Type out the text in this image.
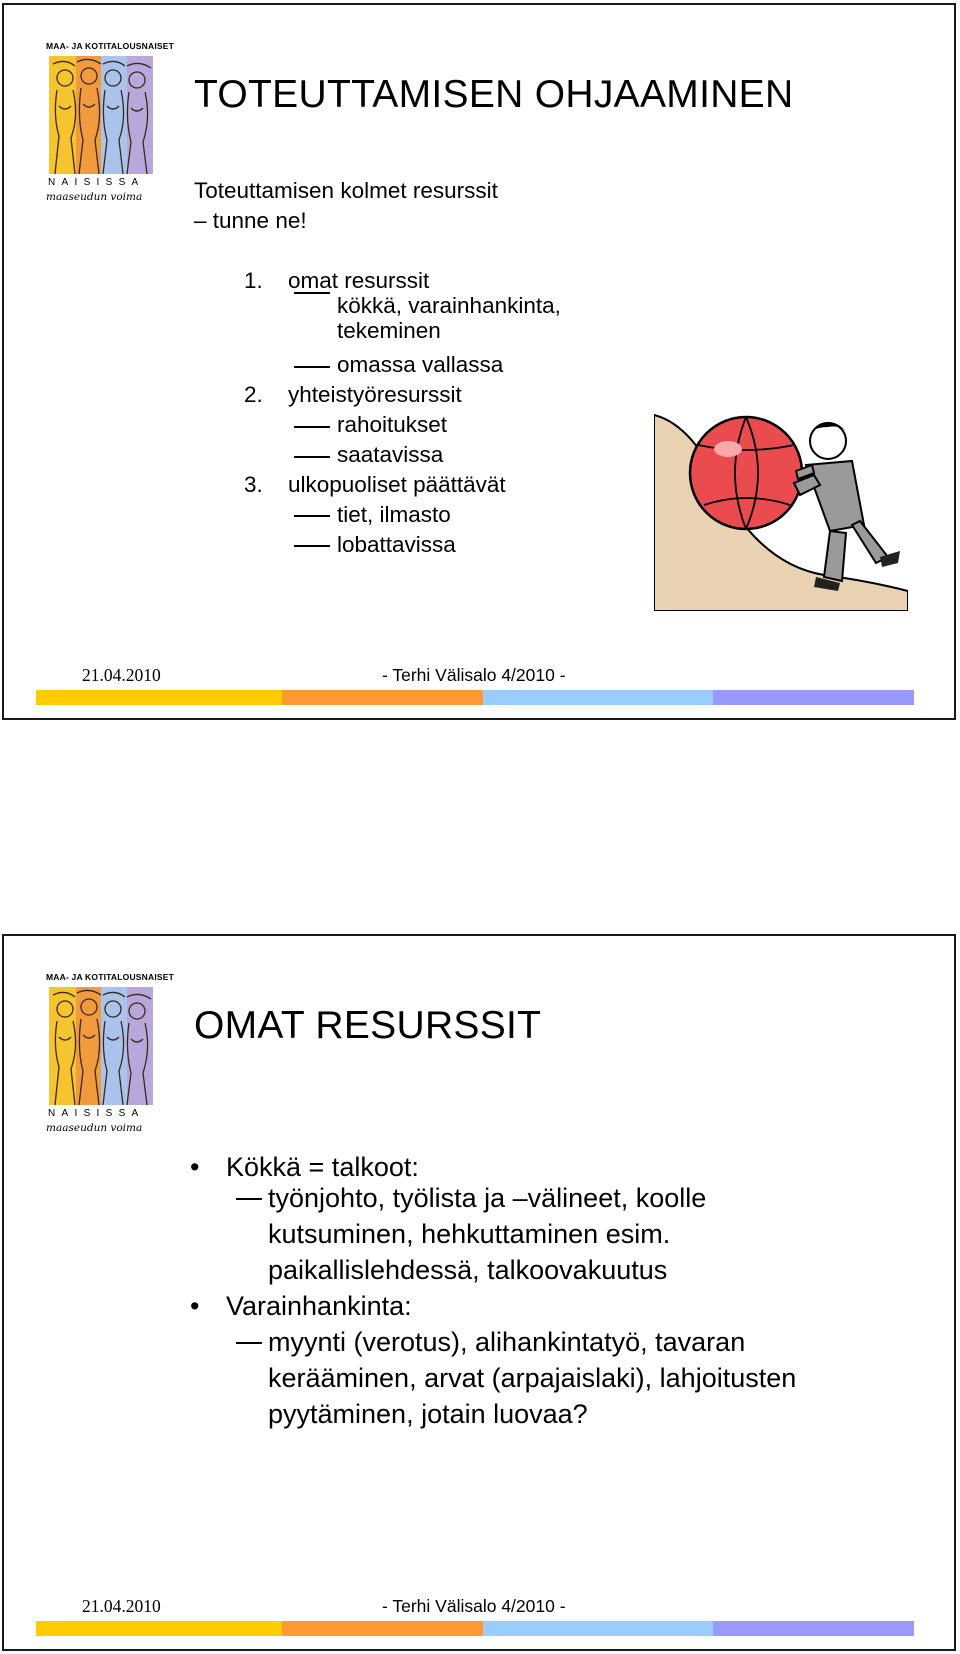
MAA- JA KOTITALOUSNAISET
NAISISSA
maaseudun voima
TOTEUTTAMISEN OHJAAMINEN
Toteuttamisen kolmet resurssit
– tunne ne!
1. omat resurssit
kökkä, varainhankinta,
tekeminen
omassa vallassa
2. yhteistyöresurssit
rahoitukset
saatavissa
3. ulkopuoliset päättävät
tiet, ilmasto
lobattavissa
21.04.2010	- Terhi Välisalo 4/2010 -
MAA- JA KOTITALOUSNAISET
NAISISSA
maaseudun voima
OMAT RESURSSIT
• Kökkä = talkoot:
työnjohto, työlista ja –välineet, koolle
kutsuminen, hehkuttaminen esim.
paikallislehdessä, talkoovakuutus
• Varainhankinta:
myynti (verotus), alihankintatyö, tavaran
kerääminen, arvat (arpajaislaki), lahjoitusten
pyytäminen, jotain luovaa?
21.04.2010	- Terhi Välisalo 4/2010 -
